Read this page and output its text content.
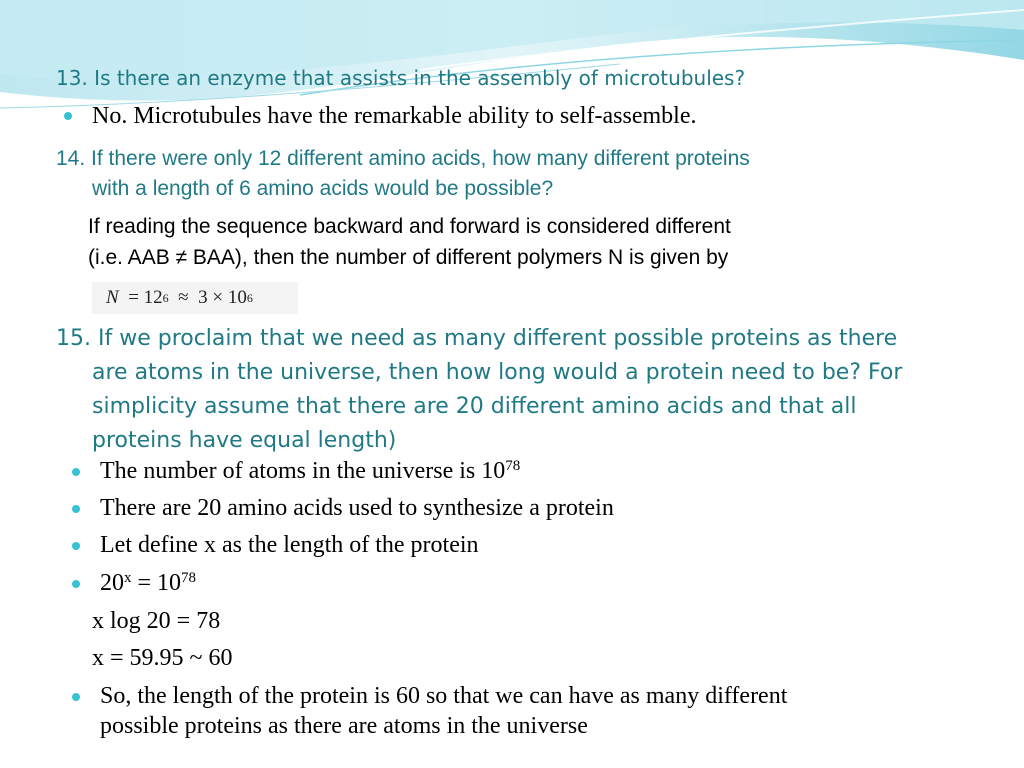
13. Is there an enzyme that assists in the assembly of microtubules?
No. Microtubules have the remarkable ability to self-assemble.
14. If there were only 12 different amino acids, how many different proteins
with a length of 6 amino acids would be possible?
If reading the sequence backward and forward is considered different
(i.e. AAB ≠ BAA), then the number of different polymers N is given by
N
=
12 6
≈
3
×
10 6
15. If we proclaim that we need as many different possible proteins as there
are atoms in the universe, then how long would a protein need to be? For
simplicity assume that there are 20 different amino acids and that all
proteins have equal length)
The number of atoms in the universe is $10^{78}$
There are 20 amino acids used to synthesize a protein
Let define x as the length of the protein
$20^x = 10^{78}$
x log 20 = 78
x = 59.95 ~ 60
So, the length of the protein is 60 so that we can have as many different
possible proteins as there are atoms in the universe
